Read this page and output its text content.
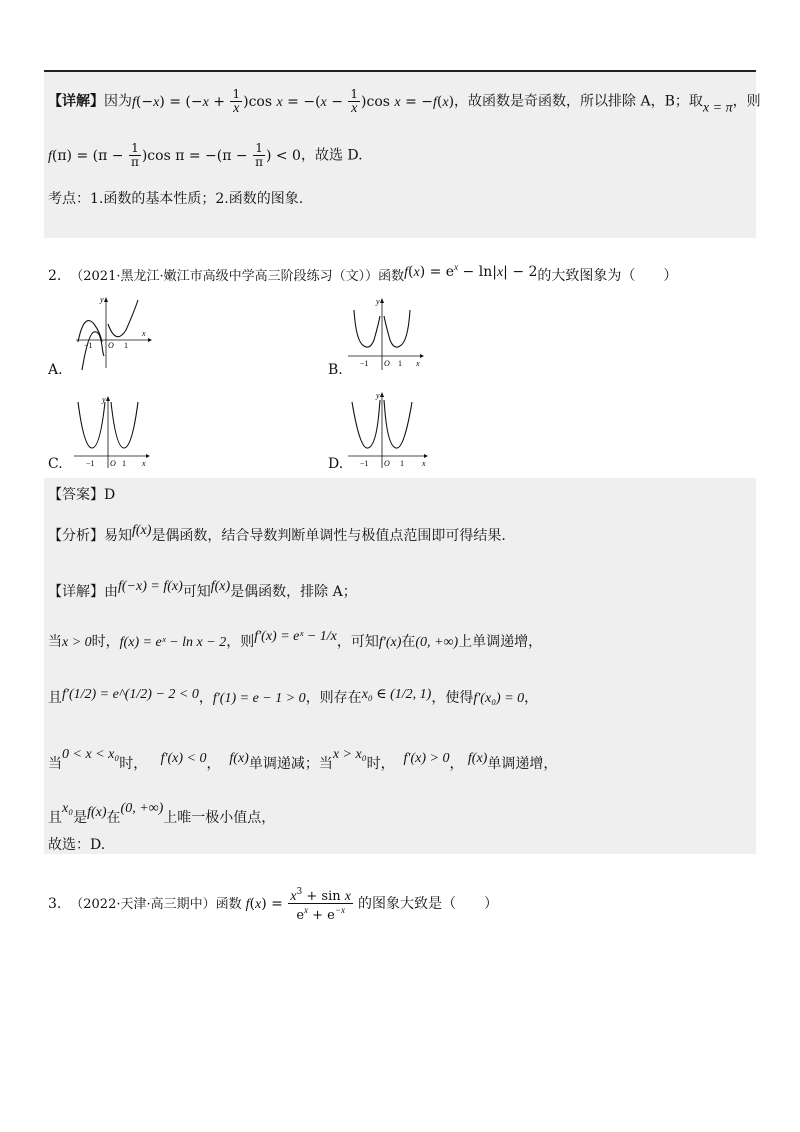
【详解】因为$f(-x) = (-x + \frac{1}{x} )\cos$ $x = -(x - \frac{1}{x} )\cos$ x = −f(x)，故函数是奇函数，所以排除 A，B；取x = π，则
$f(\pi) = (\pi - \frac{1}{\pi} )\cos$ $\pi = -(\pi - \frac{1}{\pi}$ ) < 0，故选 D.
考点：1.函数的基本性质；2.函数的图象.
2. （2021·黑龙江·嫩江市高级中学高三阶段练习（文））函数$f(x) = e^x - \ln|x| - 2$的大致图象为（　　）
A.
−1 O 1
x
y
B. −1 O 1 x
y
C.	−1 O 1 x
y
D. −1 O 1 x
y
【答案】D
【分析】易知f(x)是偶函数，结合导数判断单调性与极值点范围即可得结果.
【详解】由f(−x) = f(x)可知f(x)是偶函数，排除 A；
当x > 0时，f(x) = eˣ − ln x − 2，则f′(x) = eˣ − 1/x，可知f′(x)在(0, +∞)上单调递增，
且f′(1/2) = e^(1/2) − 2 < 0，f′(1) = e − 1 > 0，则存在x₀ ∈ (1/2, 1)，使得f′(x₀) = 0，
当0 < x < x₀时， f′(x) < 0， f(x)单调递减；当x > x₀时， f′(x) > 0， f(x)单调递增，
且x₀是f(x)在(0, +∞)上唯一极小值点，
故选：D.
3. （2022·天津·高三期中）函数 $f(x) = \frac{x^3 + \sin x}{e^x + e^{-x}}$ 的图象大致是（　　）
